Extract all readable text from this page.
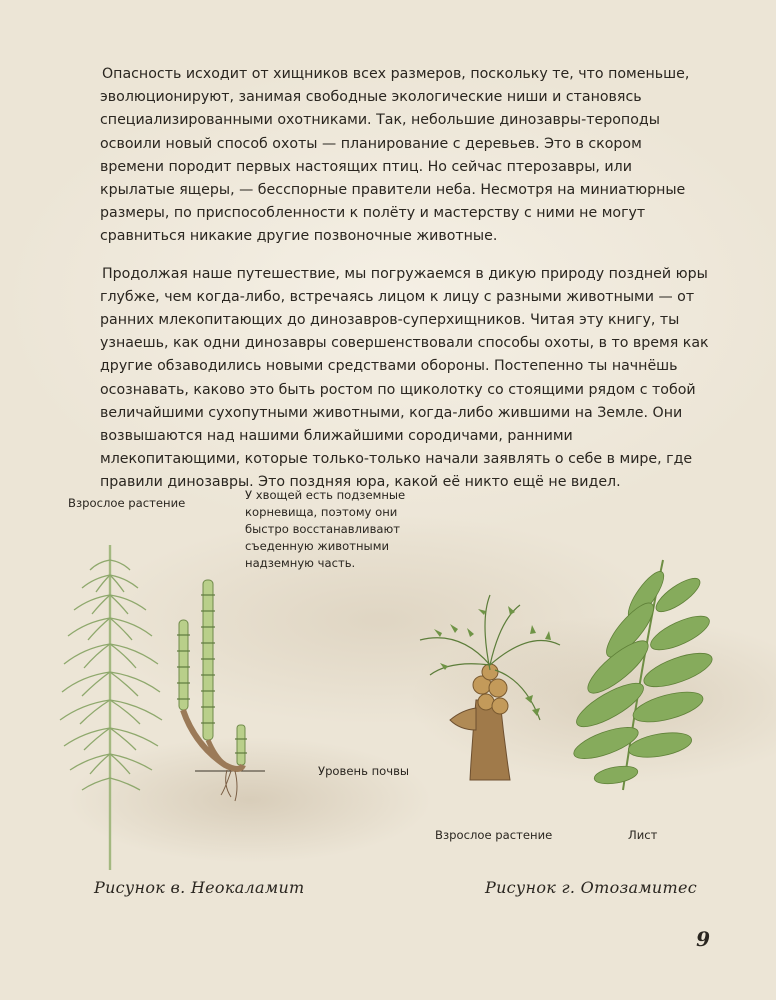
Опасность исходит от хищников всех размеров, поскольку те, что поменьше, эволюционируют, занимая свободные экологические ниши и становясь специализированными охотниками. Так, небольшие динозавры-тероподы освоили новый способ охоты — планирование с деревьев. Это в скором времени породит первых настоящих птиц. Но сейчас птерозавры, или крылатые ящеры, — бесспорные правители неба. Несмотря на миниатюрные размеры, по приспособленности к полёту и мастерству с ними не могут сравниться никакие другие позвоночные животные.

Продолжая наше путешествие, мы погружаемся в дикую природу поздней юры глубже, чем когда-либо, встречаясь лицом к лицу с разными животными — от ранних млекопитающих до динозавров-суперхищников. Читая эту книгу, ты узнаешь, как одни динозавры совершенствовали способы охоты, в то время как другие обзаводились новыми средствами обороны. Постепенно ты начнёшь осознавать, каково это быть ростом по щиколотку со стоящими рядом с тобой величайшими сухопутными животными, когда-либо жившими на Земле. Они возвышаются над нашими ближайшими сородичами, ранними млекопитающими, которые только-только начали заявлять о себе в мире, где правили динозавры. Это поздняя юра, какой её никто ещё не видел.

Взрослое растение
У хвощей есть подземные корневища, поэтому они быстро восстанавливают съеденную животными надземную часть.
Уровень почвы
Взрослое растение	Лист
Рисунок в. Неокаламит	Рисунок г. Отозамитес
9
